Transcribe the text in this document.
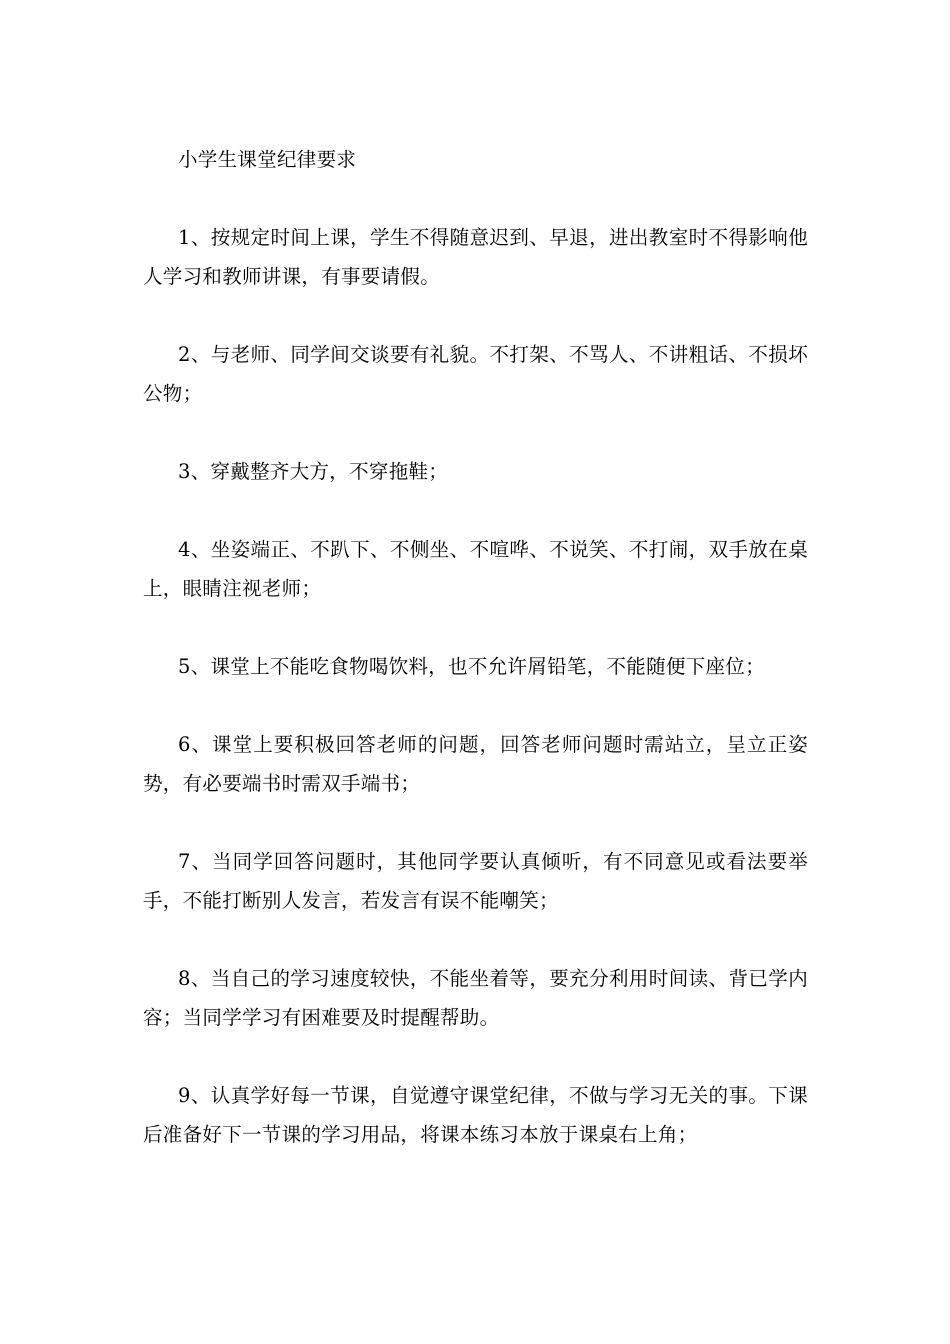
小学生课堂纪律要求

1、按规定时间上课，学生不得随意迟到、早退，进出教室时不得影响他人学习和教师讲课，有事要请假。

2、与老师、同学间交谈要有礼貌。不打架、不骂人、不讲粗话、不损坏公物；

3、穿戴整齐大方，不穿拖鞋；

4、坐姿端正、不趴下、不侧坐、不喧哗、不说笑、不打闹，双手放在桌上，眼睛注视老师；

5、课堂上不能吃食物喝饮料，也不允许屑铅笔，不能随便下座位；

6、课堂上要积极回答老师的问题，回答老师问题时需站立，呈立正姿势，有必要端书时需双手端书；

7、当同学回答问题时，其他同学要认真倾听，有不同意见或看法要举手，不能打断别人发言，若发言有误不能嘲笑；

8、当自己的学习速度较快，不能坐着等，要充分利用时间读、背已学内容；当同学学习有困难要及时提醒帮助。

9、认真学好每一节课，自觉遵守课堂纪律，不做与学习无关的事。下课后准备好下一节课的学习用品，将课本练习本放于课桌右上角；
